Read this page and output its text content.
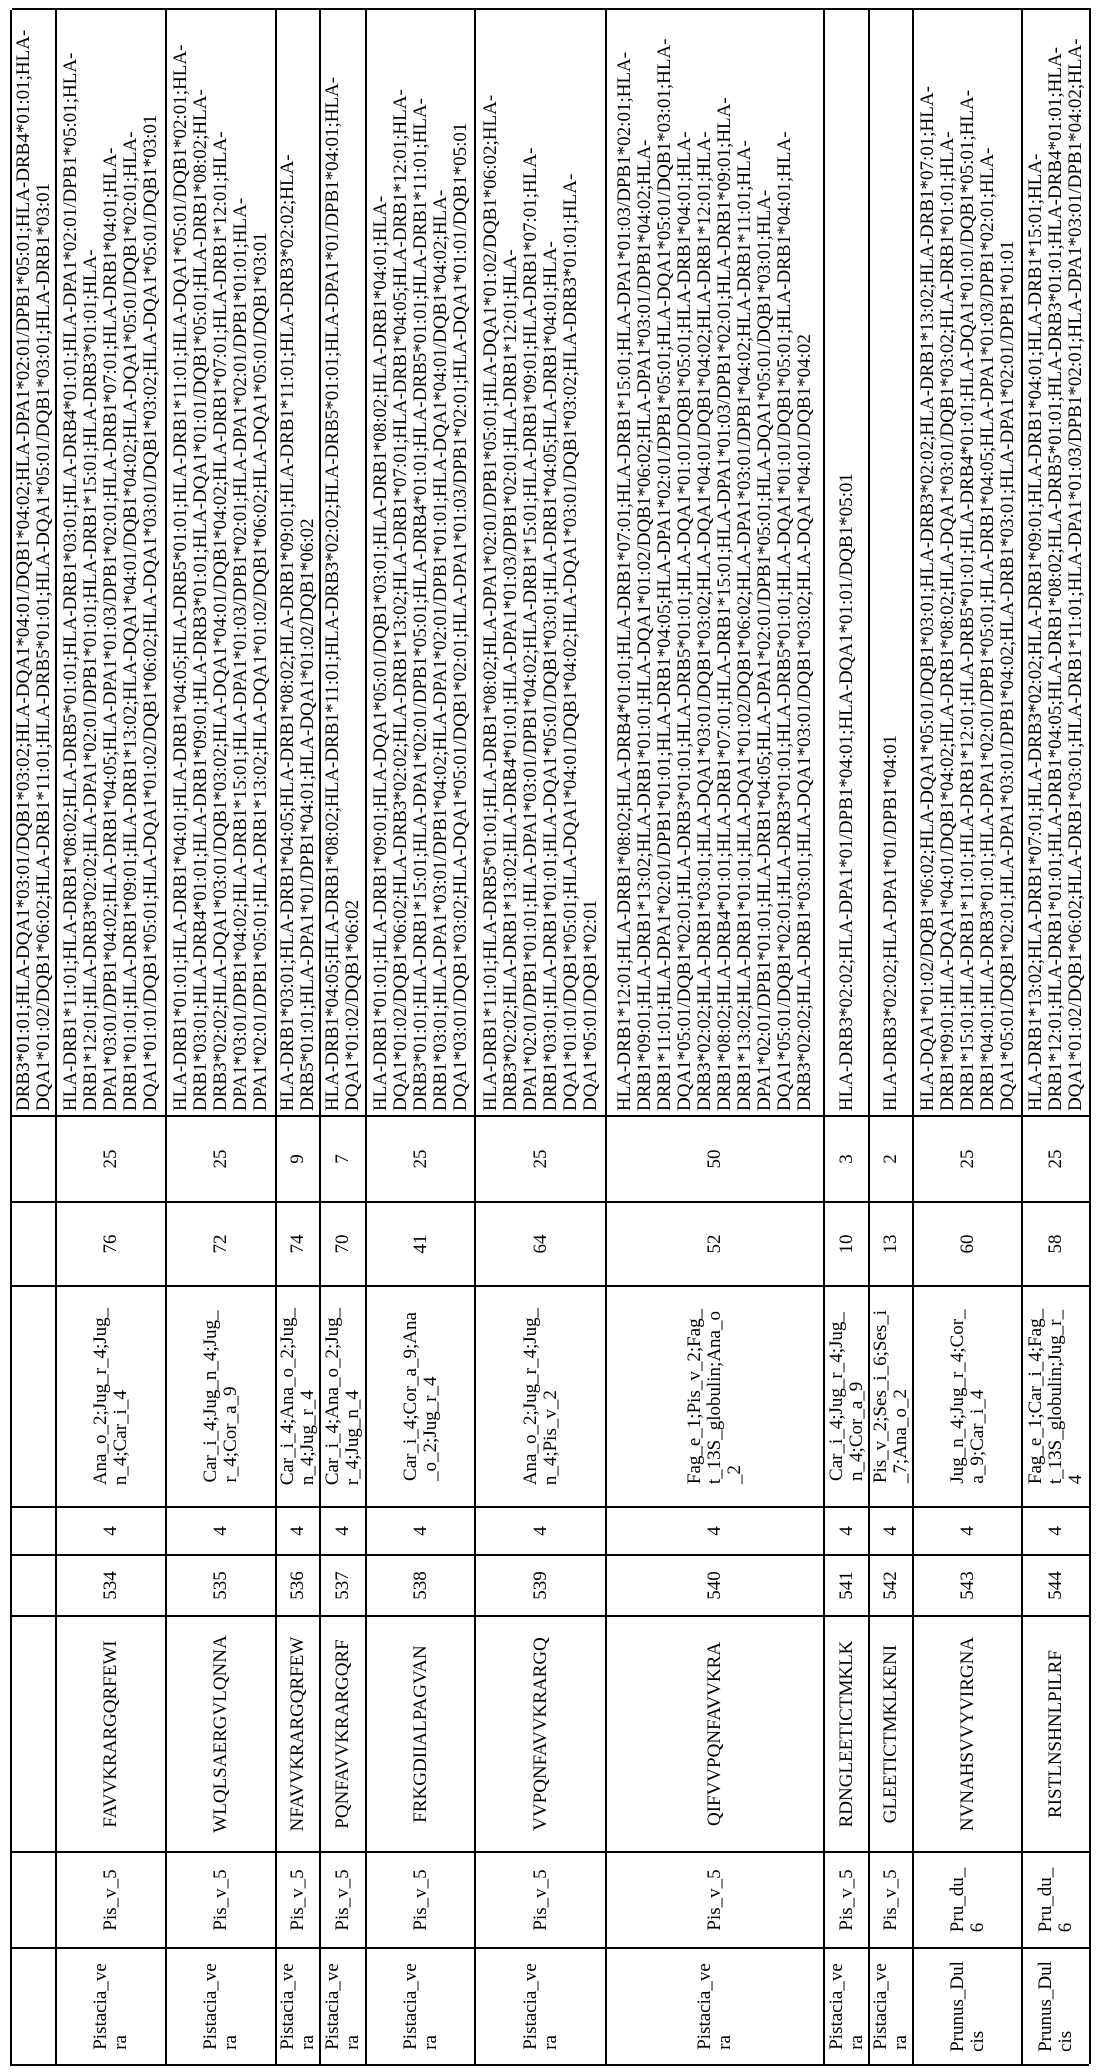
DRB3*01:01;HLA-DQA1*03:01/DQB1*03:02;HLA-DQA1*04:01/DQB1*04:02;HLA-DPA1*02:01/DPB1*05:01;HLA-DRB4*01:01;HLA- DQA1*01:02/DQB1*06:02;HLA-DRB1*11:01;HLA-DRB5*01:01;HLA-DQA1*05:01/DQB1*03:01;HLA-DRB1*03:01
Pistacia_ve ra
Pis_v_5
FAVVKRARGQRFEWI
534
4
Ana_o_2;Jug_r_4;Jug_ n_4;Car_i_4
76
25
HLA-DRB1*11:01;HLA-DRB1*08:02;HLA-DRB5*01:01;HLA-DRB1*03:01;HLA-DRB4*01:01;HLA-DPA1*02:01/DPB1*05:01;HLA- DRB1*12:01;HLA-DRB3*02:02;HLA-DPA1*02:01/DPB1*01:01;HLA-DRB1*15:01;HLA-DRB3*01:01;HLA- DPA1*03:01/DPB1*04:02;HLA-DRB1*04:05;HLA-DPA1*01:03/DPB1*02:01;HLA-DRB1*07:01;HLA-DRB1*04:01;HLA- DRB1*01:01;HLA-DRB1*09:01;HLA-DRB1*13:02;HLA-DQA1*04:01/DQB1*04:02;HLA-DQA1*05:01/DQB1*02:01;HLA- DQA1*01:01/DQB1*05:01;HLA-DQA1*01:02/DQB1*06:02;HLA-DQA1*03:01/DQB1*03:02;HLA-DQA1*05:01/DQB1*03:01
Pistacia_ve ra
Pis_v_5
WLQLSAERGVLQNNA
535
4
Car_i_4;Jug_n_4;Jug_ r_4;Cor_a_9
72
25
HLA-DRB1*01:01;HLA-DRB1*04:01;HLA-DRB1*04:05;HLA-DRB5*01:01;HLA-DRB1*11:01;HLA-DQA1*05:01/DQB1*02:01;HLA- DRB1*03:01;HLA-DRB4*01:01;HLA-DRB1*09:01;HLA-DRB3*01:01;HLA-DQA1*01:01/DQB1*05:01;HLA-DRB1*08:02;HLA- DRB3*02:02;HLA-DQA1*03:01/DQB1*03:02;HLA-DQA1*04:01/DQB1*04:02;HLA-DRB1*07:01;HLA-DRB1*12:01;HLA- DPA1*03:01/DPB1*04:02;HLA-DRB1*15:01;HLA-DPA1*01:03/DPB1*02:01;HLA-DPA1*02:01/DPB1*01:01;HLA- DPA1*02:01/DPB1*05:01;HLA-DRB1*13:02;HLA-DQA1*01:02/DQB1*06:02;HLA-DQA1*05:01/DQB1*03:01
Pistacia_ve ra
Pis_v_5
NFAVVKRARGQRFEW
536
4
Car_i_4;Ana_o_2;Jug_ n_4;Jug_r_4
74
9
HLA-DRB1*03:01;HLA-DRB1*04:05;HLA-DRB1*08:02;HLA-DRB1*09:01;HLA-DRB1*11:01;HLA-DRB3*02:02;HLA- DRB5*01:01;HLA-DPA1*01/DPB1*04:01;HLA-DQA1*01:02/DQB1*06:02
Pistacia_ve ra
Pis_v_5
PQNFAVVKRARGQRF
537
4
Car_i_4;Ana_o_2;Jug_ r_4;Jug_n_4
70
7
HLA-DRB1*04:05;HLA-DRB1*08:02;HLA-DRB1*11:01;HLA-DRB3*02:02;HLA-DRB5*01:01;HLA-DPA1*01/DPB1*04:01;HLA- DQA1*01:02/DQB1*06:02
Pistacia_ve ra
Pis_v_5
FRKGDIIALPAGVAN
538
4
Car_i_4;Cor_a_9;Ana _o_2;Jug_r_4
41
25
HLA-DRB1*01:01;HLA-DRB1*09:01;HLA-DQA1*05:01/DQB1*03:01;HLA-DRB1*08:02;HLA-DRB1*04:01;HLA- DQA1*01:02/DQB1*06:02;HLA-DRB3*02:02;HLA-DRB1*13:02;HLA-DRB1*07:01;HLA-DRB1*04:05;HLA-DRB1*12:01;HLA- DRB3*01:01;HLA-DRB1*15:01;HLA-DPA1*02:01/DPB1*05:01;HLA-DRB4*01:01;HLA-DRB5*01:01;HLA-DRB1*11:01;HLA- DRB1*03:01;HLA-DPA1*03:01/DPB1*04:02;HLA-DPA1*02:01/DPB1*01:01;HLA-DQA1*04:01/DQB1*04:02;HLA- DQA1*03:01/DQB1*03:02;HLA-DQA1*05:01/DQB1*02:01;HLA-DPA1*01:03/DPB1*02:01;HLA-DQA1*01:01/DQB1*05:01
Pistacia_ve ra
Pis_v_5
VVPQNFAVVKRARGQ
539
4
Ana_o_2;Jug_r_4;Jug_ n_4;Pis_v_2
64
25
HLA-DRB1*11:01;HLA-DRB5*01:01;HLA-DRB1*08:02;HLA-DPA1*02:01/DPB1*05:01;HLA-DQA1*01:02/DQB1*06:02;HLA- DRB3*02:02;HLA-DRB1*13:02;HLA-DRB4*01:01;HLA-DPA1*01:03/DPB1*02:01;HLA-DRB1*12:01;HLA- DPA1*02:01/DPB1*01:01;HLA-DPA1*03:01/DPB1*04:02;HLA-DRB1*15:01;HLA-DRB1*09:01;HLA-DRB1*07:01;HLA- DRB1*03:01;HLA-DRB1*01:01;HLA-DQA1*05:01/DQB1*03:01;HLA-DRB1*04:05;HLA-DRB1*04:01;HLA- DQA1*01:01/DQB1*05:01;HLA-DQA1*04:01/DQB1*04:02;HLA-DQA1*03:01/DQB1*03:02;HLA-DRB3*01:01;HLA- DQA1*05:01/DQB1*02:01
Pistacia_ve ra
Pis_v_5
QIFVVPQNFAVVKRA
540
4
Fag_e_1;Pis_v_2;Fag_ t_13S_globulin;Ana_o _2
52
50
HLA-DRB1*12:01;HLA-DRB1*08:02;HLA-DRB4*01:01;HLA-DRB1*07:01;HLA-DRB1*15:01;HLA-DPA1*01:03/DPB1*02:01;HLA- DRB1*09:01;HLA-DRB1*13:02;HLA-DRB1*01:01;HLA-DQA1*01:02/DQB1*06:02;HLA-DPA1*03:01/DPB1*04:02;HLA- DRB1*11:01;HLA-DPA1*02:01/DPB1*01:01;HLA-DRB1*04:05;HLA-DPA1*02:01/DPB1*05:01;HLA-DQA1*05:01/DQB1*03:01;HLA- DQA1*05:01/DQB1*02:01;HLA-DRB3*01:01;HLA-DRB5*01:01;HLA-DQA1*01:01/DQB1*05:01;HLA-DRB1*04:01;HLA- DRB3*02:02;HLA-DRB1*03:01;HLA-DQA1*03:01/DQB1*03:02;HLA-DQA1*04:01/DQB1*04:02;HLA-DRB1*12:01;HLA- DRB1*08:02;HLA-DRB4*01:01;HLA-DRB1*07:01;HLA-DRB1*15:01;HLA-DPA1*01:03/DPB1*02:01;HLA-DRB1*09:01;HLA- DRB1*13:02;HLA-DRB1*01:01;HLA-DQA1*01:02/DQB1*06:02;HLA-DPA1*03:01/DPB1*04:02;HLA-DRB1*11:01;HLA- DPA1*02:01/DPB1*01:01;HLA-DRB1*04:05;HLA-DPA1*02:01/DPB1*05:01;HLA-DQA1*05:01/DQB1*03:01;HLA- DQA1*05:01/DQB1*02:01;HLA-DRB3*01:01;HLA-DRB5*01:01;HLA-DQA1*01:01/DQB1*05:01;HLA-DRB1*04:01;HLA- DRB3*02:02;HLA-DRB1*03:01;HLA-DQA1*03:01/DQB1*03:02;HLA-DQA1*04:01/DQB1*04:02
Pistacia_ve ra
Pis_v_5
RDNGLEETICTMKLK
541
4
Car_i_4;Jug_r_4;Jug_ n_4;Cor_a_9
10
3
HLA-DRB3*02:02;HLA-DPA1*01/DPB1*04:01;HLA-DQA1*01:01/DQB1*05:01
Pistacia_ve ra
Pis_v_5
GLEETICTMKLKENI
542
4
Pis_v_2;Ses_i_6;Ses_i _7;Ana_o_2
13
2
HLA-DRB3*02:02;HLA-DPA1*01/DPB1*04:01
Prunus_Dul cis
Pru_du_ 6
NVNAHSVVYVIRGNA
543
4
Jug_n_4;Jug_r_4;Cor_ a_9;Car_i_4
60
25
HLA-DQA1*01:02/DQB1*06:02;HLA-DQA1*05:01/DQB1*03:01;HLA-DRB3*02:02;HLA-DRB1*13:02;HLA-DRB1*07:01;HLA- DRB1*09:01;HLA-DQA1*04:01/DQB1*04:02;HLA-DRB1*08:02;HLA-DQA1*03:01/DQB1*03:02;HLA-DRB1*01:01;HLA- DRB1*15:01;HLA-DRB1*11:01;HLA-DRB1*12:01;HLA-DRB5*01:01;HLA-DRB4*01:01;HLA-DQA1*01:01/DQB1*05:01;HLA- DRB1*04:01;HLA-DRB3*01:01;HLA-DPA1*02:01/DPB1*05:01;HLA-DRB1*04:05;HLA-DPA1*01:03/DPB1*02:01;HLA- DQA1*05:01/DQB1*02:01;HLA-DPA1*03:01/DPB1*04:02;HLA-DRB1*03:01;HLA-DPA1*02:01/DPB1*01:01
Prunus_Dul cis
Pru_du_ 6
RISTLNSHNLPILRF
544
4
Fag_e_1;Car_i_4;Fag_ t_13S_globulin;Jug_r_ 4
58
25
HLA-DRB1*13:02;HLA-DRB1*07:01;HLA-DRB3*02:02;HLA-DRB1*09:01;HLA-DRB1*04:01;HLA-DRB1*15:01;HLA- DRB1*12:01;HLA-DRB1*01:01;HLA-DRB1*04:05;HLA-DRB1*08:02;HLA-DRB5*01:01;HLA-DRB3*01:01;HLA-DRB4*01:01;HLA- DQA1*01:02/DQB1*06:02;HLA-DRB1*03:01;HLA-DRB1*11:01;HLA-DPA1*01:03/DPB1*02:01;HLA-DPA1*03:01/DPB1*04:02;HLA-
